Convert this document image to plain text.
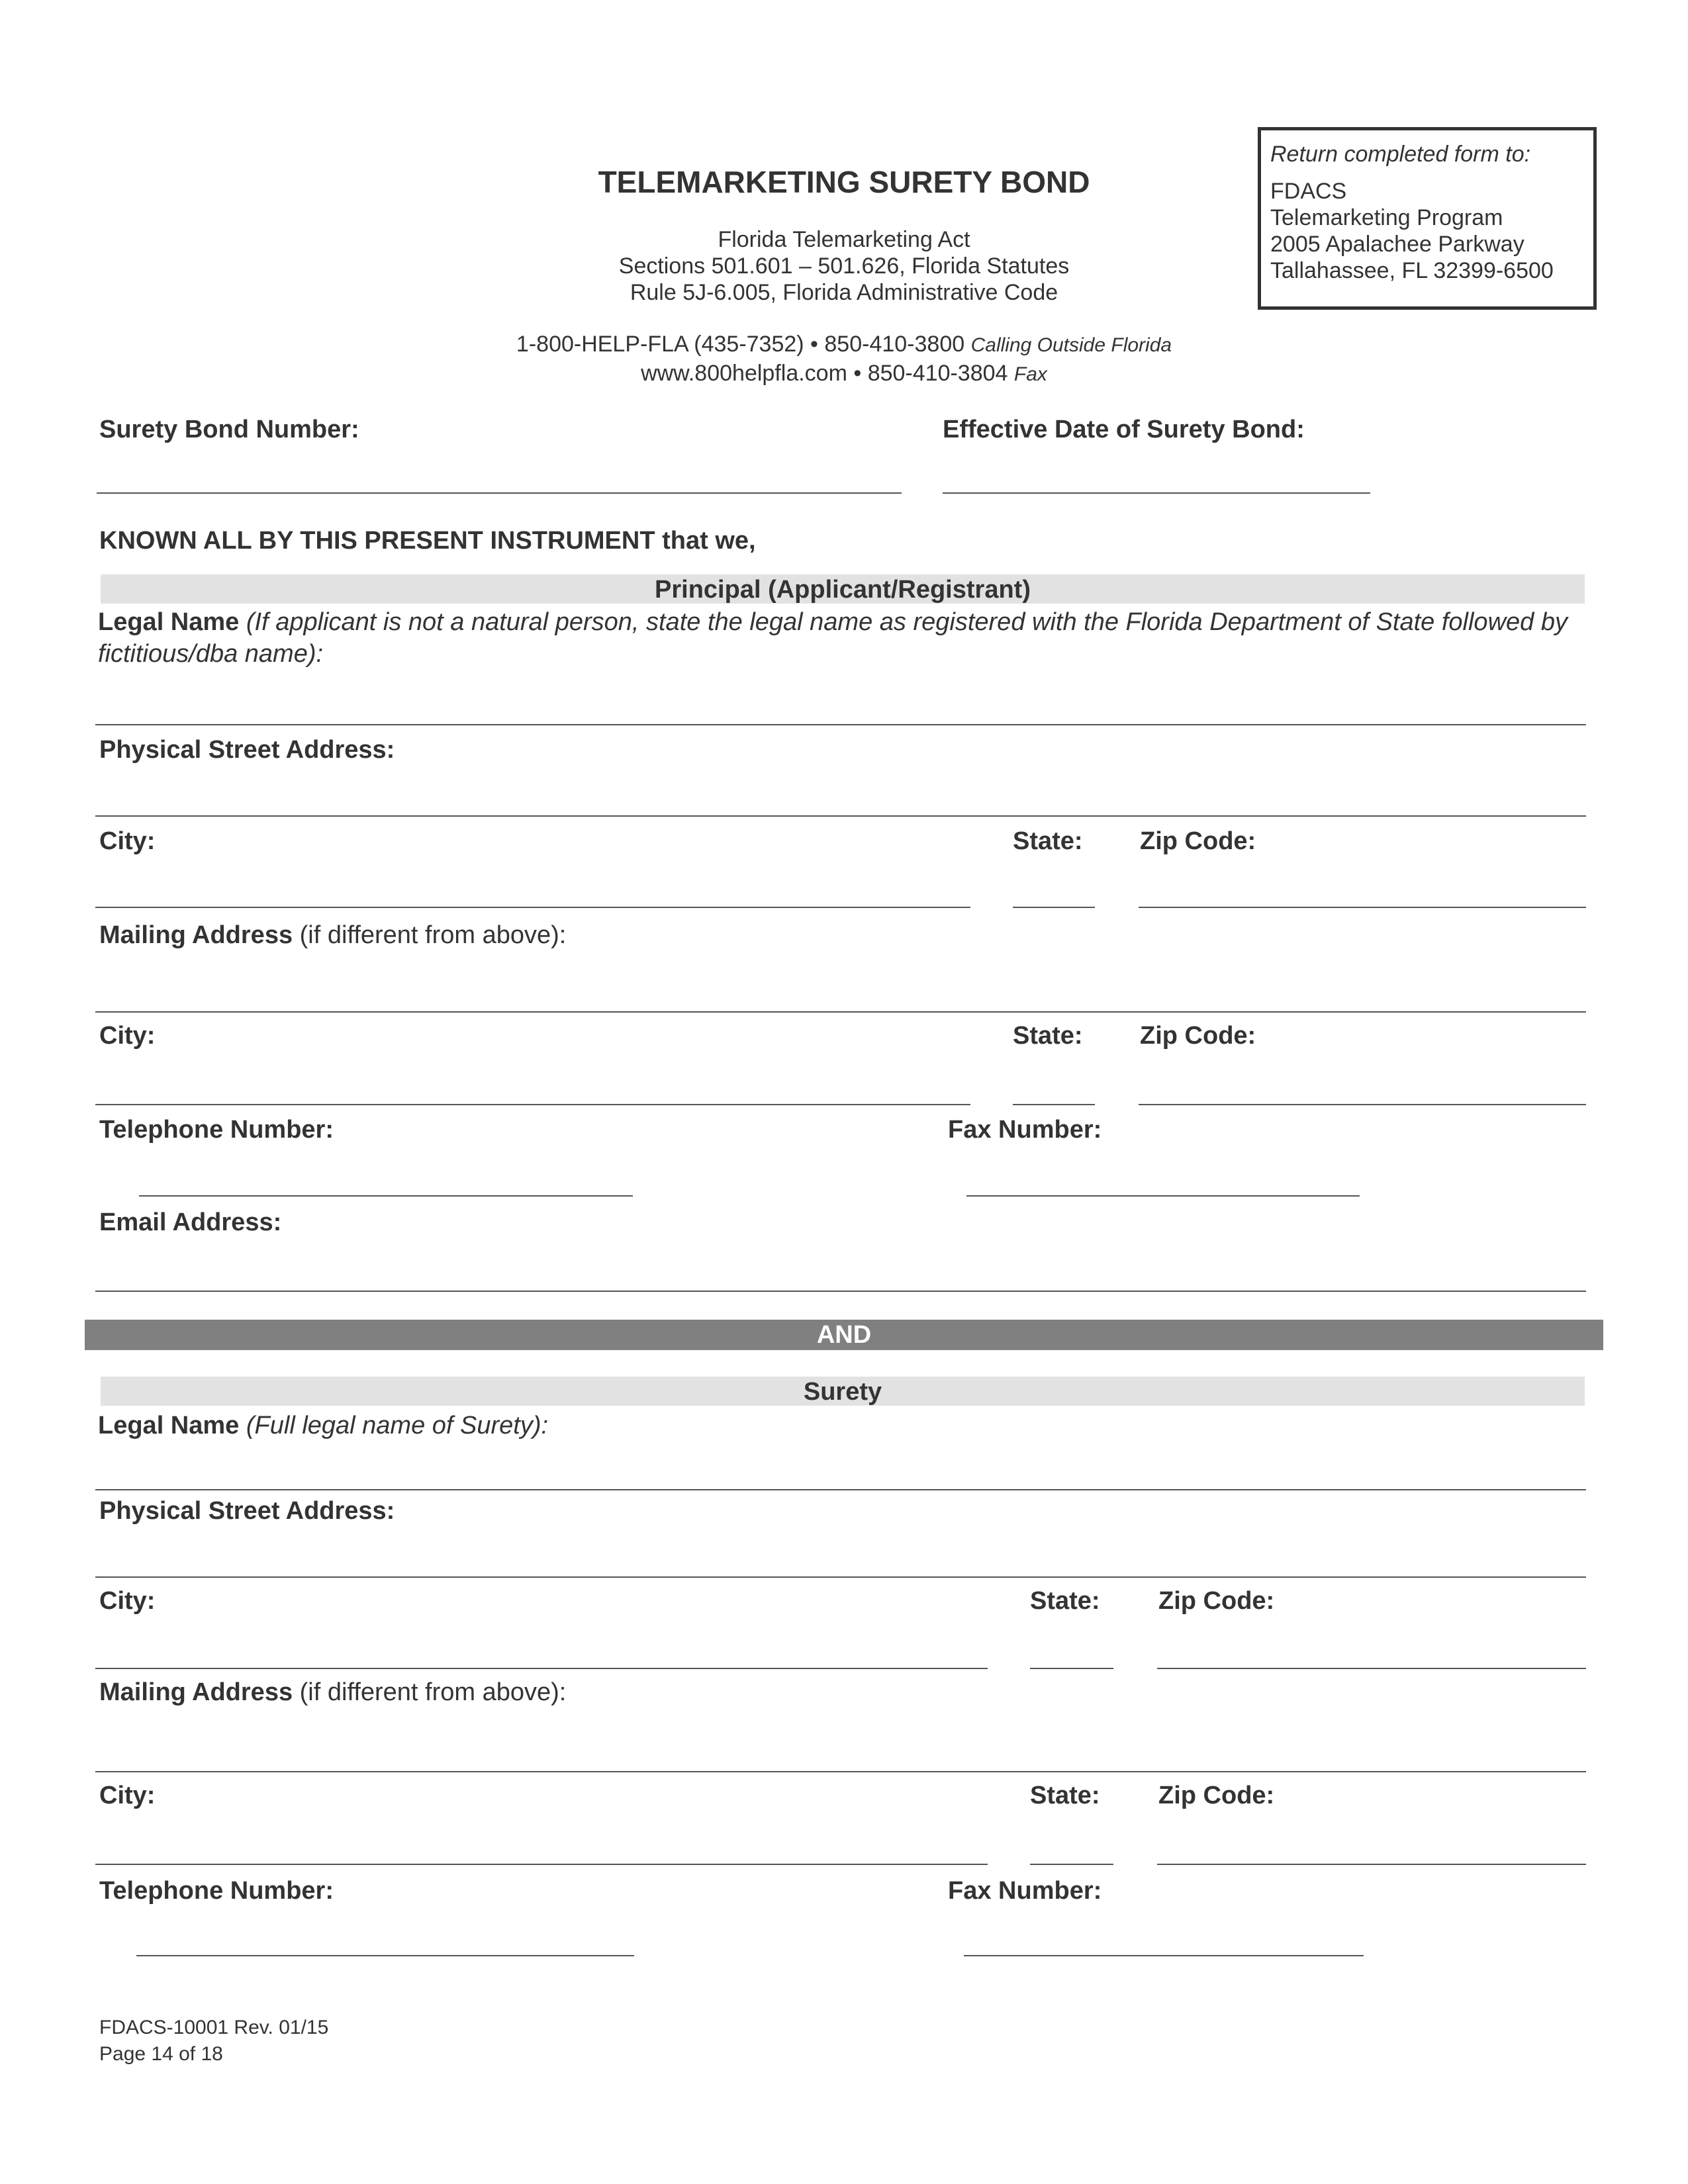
TELEMARKETING SURETY BOND
Florida Telemarketing Act
Sections 501.601 – 501.626, Florida Statutes
Rule 5J-6.005, Florida Administrative Code
1-800-HELP-FLA (435-7352) • 850-410-3800 Calling Outside Florida
www.800helpfla.com • 850-410-3804 Fax
Return completed form to:
FDACS
Telemarketing Program
2005 Apalachee Parkway
Tallahassee, FL 32399-6500
Surety Bond Number:	Effective Date of Surety Bond:
KNOWN ALL BY THIS PRESENT INSTRUMENT that we,
Principal (Applicant/Registrant)
Legal Name (If applicant is not a natural person, state the legal name as registered with the Florida Department of State followed by fictitious/dba name):
Physical Street Address:
City:	State: Zip Code:
Mailing Address (if different from above):
City:	State: Zip Code:
Telephone Number:	Fax Number:
Email Address:
AND
Surety
Legal Name (Full legal name of Surety):
Physical Street Address:
City:	State: Zip Code:
Mailing Address (if different from above):
City:	State: Zip Code:
Telephone Number:	Fax Number:
FDACS-10001 Rev. 01/15
Page 14 of 18
